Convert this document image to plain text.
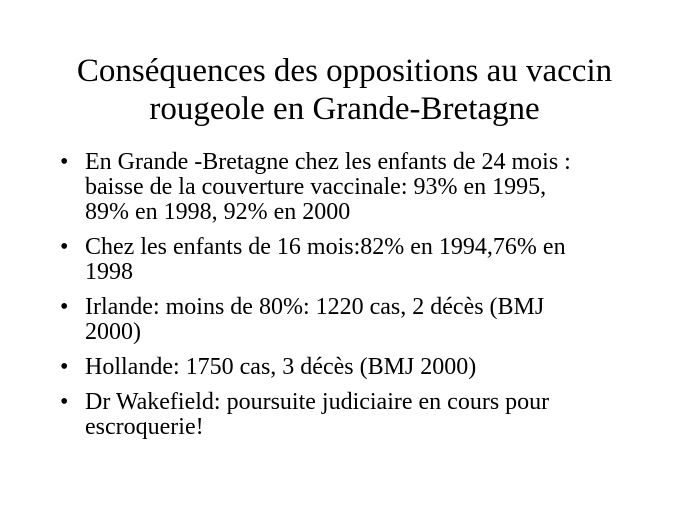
Conséquences des oppositions au vaccin
rougeole en Grande-Bretagne
• En Grande -Bretagne chez les enfants de 24 mois :
baisse de la couverture vaccinale: 93% en 1995,
89% en 1998, 92% en 2000
• Chez les enfants de 16 mois:82% en 1994,76% en
1998
• Irlande: moins de 80%: 1220 cas, 2 décès (BMJ
2000)
• Hollande: 1750 cas, 3 décès (BMJ 2000)
• Dr Wakefield: poursuite judiciaire en cours pour
escroquerie!
